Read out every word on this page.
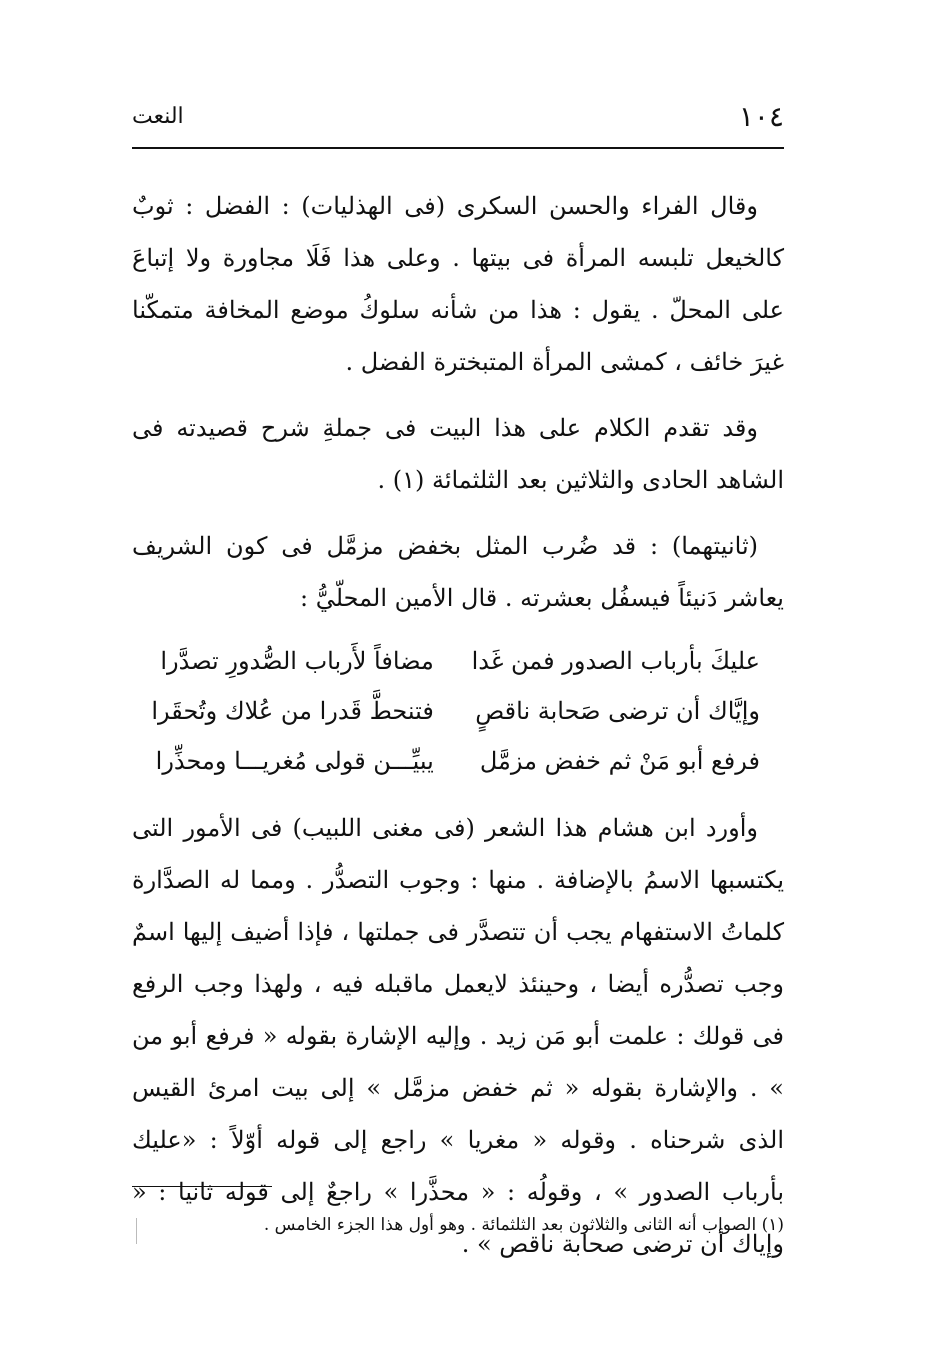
١٠٤
النعت

وقال الفراء والحسن السكرى (فى الهذليات) : الفضل : ثوبٌ كالخيعل تلبسه المرأة فى بيتها . وعلى هذا فَلَا مجاورة ولا إتباعَ على المحلّ . يقول : هذا من شأنه سلوكُ موضع المخافة متمكّنا غيرَ خائف ، كمشى المرأة المتبخترة الفضل .

وقد تقدم الكلام على هذا البيت فى جملةِ شرح قصيدته فى الشاهد الحادى والثلاثين بعد الثلثمائة (١) .

(ثانيتهما) : قد ضُرب المثل بخفض مزمَّل فى كون الشريف يعاشر دَنيئاً فيسفُل بعشرته . قال الأمين المحلّيُّ :

عليكَ بأرباب الصدور فمن غَدا
مضافاً لأَرباب الصُّدورِ تصدَّرا
وإيَّاك أن ترضى صَحابة ناقصٍ
فتنحطَّ قَدرا من عُلاك وتُحقَرا
فرفع أبو مَنْ ثم خفض مزمَّل
يبيِّـــن قولى مُغريـــا ومحذِّرا

وأورد ابن هشام هذا الشعر (فى مغنى اللبيب) فى الأمور التى يكتسبها الاسمُ بالإضافة . منها : وجوب التصدُّر . ومما له الصدَّارة كلماتُ الاستفهام يجب أن تتصدَّر فى جملتها ، فإذا أضيف إليها اسمٌ وجب تصدُّره أيضا ، وحينئذ لايعمل ماقبله فيه ، ولهذا وجب الرفع فى قولك : علمت أبو مَن زيد . وإليه الإشارة بقوله « فرفع أبو من » . والإشارة بقوله « ثم خفض مزمَّل » إلى بيت امرئ القيس الذى شرحناه . وقوله « مغريا » راجع إلى قوله أوّلاً : «عليك بأرباب الصدور » ، وقولُه : « محذَّرا » راجعٌ إلى قوله ثانيا : « وإياك أن ترضى صحابة ناقص » .

(١) الصواب أنه الثانى والثلاثون بعد الثلثمائة . وهو أول هذا الجزء الخامس .
